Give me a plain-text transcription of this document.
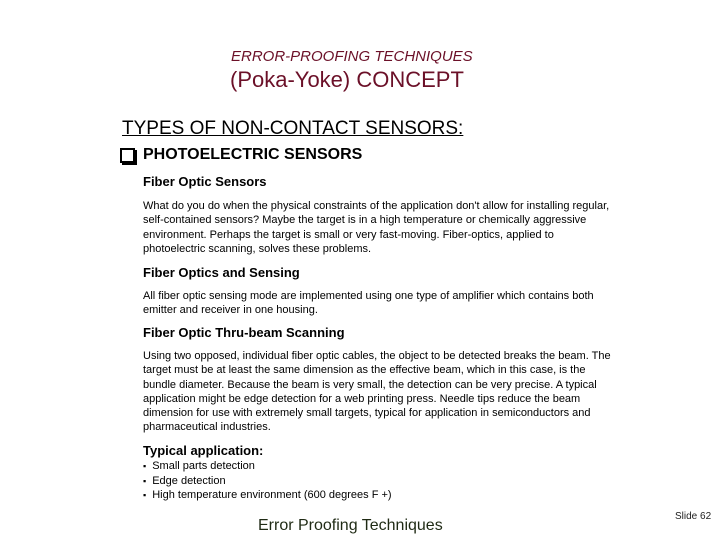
ERROR-PROOFING TECHNIQUES
(Poka-Yoke) CONCEPT
TYPES OF NON-CONTACT SENSORS:
PHOTOELECTRIC SENSORS
Fiber Optic Sensors
What do you do when the physical constraints of the application don't allow for installing regular, self-contained sensors? Maybe the target is in a high temperature or chemically aggressive environment. Perhaps the target is small or very fast-moving. Fiber-optics, applied to photoelectric scanning, solves these problems.
Fiber Optics and Sensing
All fiber optic sensing mode are implemented using one type of amplifier which contains both emitter and receiver in one housing.
Fiber Optic Thru-beam Scanning
Using two opposed, individual fiber optic cables, the object to be detected breaks the beam. The target must be at least the same dimension as the effective beam, which in this case, is the bundle diameter. Because the beam is very small, the detection can be very precise. A typical application might be edge detection for a web printing press. Needle tips reduce the beam dimension for use with extremely small targets, typical for application in semiconductors and pharmaceutical industries.
Typical application:
▪ Small parts detection
▪ Edge detection
▪ High temperature environment (600 degrees F +)
Error Proofing Techniques
Slide 62
